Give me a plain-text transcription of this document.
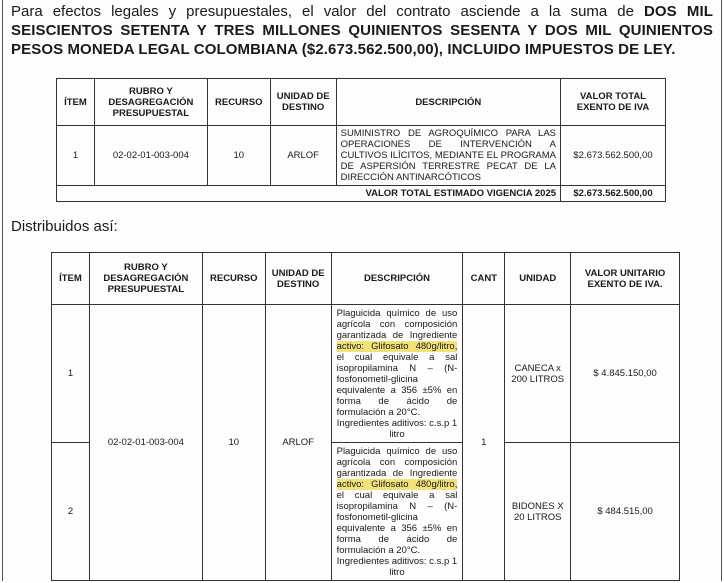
Para efectos legales y presupuestales, el valor del contrato asciende a la suma de DOS MIL SEISCIENTOS SETENTA Y TRES MILLONES QUINIENTOS SESENTA Y DOS MIL QUINIENTOS PESOS MONEDA LEGAL COLOMBIANA ($2.673.562.500,00), INCLUIDO IMPUESTOS DE LEY.

ÍTEM	RUBRO Y DESAGREGACIÓN PRESUPUESTAL	RECURSO	UNIDAD DE DESTINO	DESCRIPCIÓN	VALOR TOTAL EXENTO DE IVA
1	02-02-01-003-004	10	ARLOF	SUMINISTRO DE AGROQUÍMICO PARA LAS OPERACIONES DE INTERVENCIÓN A CULTIVOS ILÍCITOS, MEDIANTE EL PROGRAMA DE ASPERSIÓN TERRESTRE PECAT DE LA DIRECCIÓN ANTINARCÓTICOS	$2.673.562.500,00
				VALOR TOTAL ESTIMADO VIGENCIA 2025	$2.673.562.500,00

Distribuidos así:

ÍTEM	RUBRO Y DESAGREGACIÓN PRESUPUESTAL	RECURSO	UNIDAD DE DESTINO	DESCRIPCIÓN	CANT	UNIDAD	VALOR UNITARIO EXENTO DE IVA.
1	02-02-01-003-004	10	ARLOF	Plaguicida químico de uso agrícola con composición garantizada de Ingrediente activo: Glifosato 480g/litro, el cual equivale a sal isopropilamina N – (N-fosfonometil-glicina equivalente a 356 ±5% en forma de ácido de formulación a 20°C.
Ingredientes aditivos: c.s.p 1 litro	1	CANECA x 200 LITROS	$ 4.845.150,00
2				Plaguicida químico de uso agrícola con composición garantizada de Ingrediente activo: Glifosato 480g/litro, el cual equivale a sal isopropilamina N – (N-fosfonometil-glicina equivalente a 356 ±5% en forma de ácido de formulación a 20°C.
Ingredientes aditivos: c.s.p 1 litro		BIDONES X 20 LITROS	$ 484.515,00
